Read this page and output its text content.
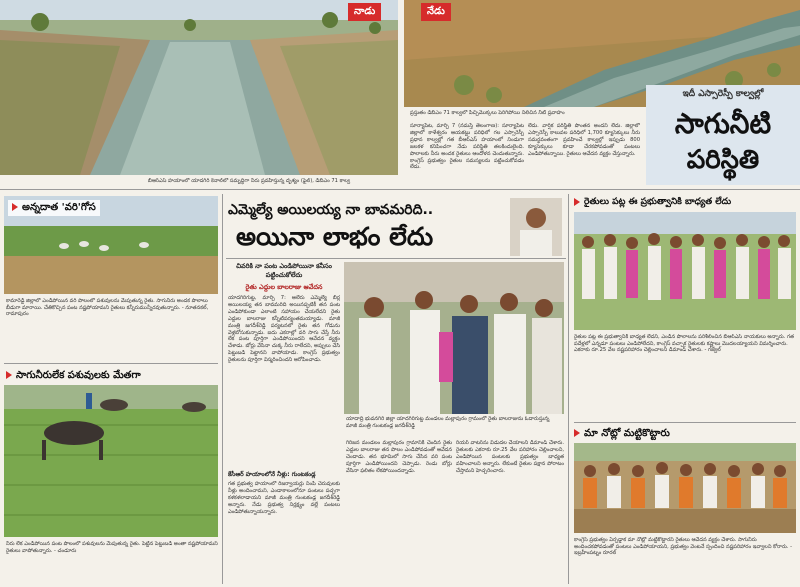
నాడు
బీఆర్ఎస్ హయాంలో యాదగిరి కెనాల్‌లో సమృద్ధిగా నీరు ప్రవహిస్తున్న దృశ్యం (ఫైల్), డీబీఎం 71 కాల్వ
నేడు
ప్రస్తుతం డీబీఎం 71 కాల్వలో పిచ్చిమొక్కలు పెరిగిపోయి నిలిచిన నీటి ప్రవాహం
సూర్యాపేట, మార్చి 7 (నమస్తే తెలంగాణ): సూర్యాపేట జిల్లాలో కాళేశ్వరం ఆయకట్టు పరిధిలో గల ఎస్సారెస్పీ ప్రధాన కాల్వల్లో గత బీఆర్ఎస్ హయాంలో నిండుగా జలకళ కనిపించగా నేడు పరిస్థితి తలకిందులైంది. పొలాలకు నీరు అందక రైతులు ఆందోళన చెందుతున్నారు. కాంగ్రెస్ ప్రభుత్వం రైతుల సమస్యలను పట్టించుకోవడం లేదు.
లేదు. వార్షిక పరిస్థితి పొంతన అందని లేదు. జిల్లాలో ఎస్సారెస్పీ కాలువల పరిధిలో 1,700 క్యూసెక్కులు నీరు సమర్థవంతంగా ప్రవహించే కాల్వల్లో ఇప్పుడు 800 క్యూసెక్కులు కూడా చేరకపోవడంతో పంటలు ఎండిపోతున్నాయి. రైతులు ఆవేదన వ్యక్తం చేస్తున్నారు.
ఇదీ ఎస్సారెస్పీ కాల్వల్లో
సాగునీటి
పరిస్థితి
అన్నదాత 'వరి'గోస
కామారెడ్డి జిల్లాలో ఎండిపోయిన వరి పొలంలో పశువులను మేపుతున్న రైతు. సాగునీరు అందక పొలాలు బీడుగా మారాయి. చేతికొచ్చిన పంట నష్టపోయామని రైతులు కన్నీరుమున్నీరవుతున్నారు. - నూతనకల్, రామాపురం
సాగునీరులేక పశువులకు మేతగా
నీరు లేక ఎండిపోయిన పంట పొలంలో పశువులను మేపుతున్న రైతు. పెట్టిన పెట్టుబడి అంతా నష్టపోయామని రైతులు వాపోతున్నారు. - చండూరు
ఎమ్మెల్యే అయిలయ్య నా బావమరిది..
అయినా లాభం లేదు
చివరికి నా పంట ఎండిపోయినా కనీసం పట్టించుకోలేదు
రైతు ఎద్దుల బాలరాజు ఆవేదన
యాదగిరిగుట్ట, మార్చి 7: ఆలేరు ఎమ్మెల్యే బీర్ల అయిలయ్య తన బావమరిది అయినప్పటికీ తన పంట ఎండిపోకుండా ఎలాంటి సహాయం చేయలేదని రైతు ఎద్దుల బాలరాజు కన్నీటిపర్యంతమయ్యాడు. మాజీ మంత్రి జగదీశ్‌రెడ్డి పర్యటనలో రైతు తన గోడును వెళ్లబోసుకున్నాడు. ఐదు ఎకరాల్లో వరి సాగు చేస్తే నీరు లేక పంట పూర్తిగా ఎండిపోయిందని ఆవేదన వ్యక్తం చేశాడు. బోర్లు వేసినా చుక్క నీరు రాలేదని, అప్పులు చేసి పెట్టుబడి పెట్టానని వాపోయాడు. కాంగ్రెస్ ప్రభుత్వం రైతులను పూర్తిగా విస్మరించిందని ఆరోపించాడు.
కేసీఆర్ హయాంలోనే నీళ్లు: గుంటకండ్ల
గత ప్రభుత్వ హయాంలో రిజర్వాయర్లు నింపి చెరువులకు నీళ్లు అందించామని, ఎండాకాలంలోనూ పంటలు పచ్చగా కళకళలాడాయని మాజీ మంత్రి గుంటకండ్ల జగదీశ్‌రెడ్డి అన్నారు. నేడు ప్రభుత్వ నిర్లక్ష్యం వల్లే పంటలు ఎండిపోతున్నాయన్నారు.
యాదాద్రి భువనగిరి జిల్లా యాదగిరిగుట్ట మండలం మల్లాపురం గ్రామంలో రైతు బాలరాజును ఓదారుస్తున్న మాజీ మంత్రి గుంటకండ్ల జగదీశ్‌రెడ్డి
గిరిజన మండలం మల్లాపురం గ్రామానికి చెందిన రైతు ఎద్దుల బాలరాజు తన పొలం ఎండిపోవడంతో ఆవేదన చెందాడు. తన భూమిలో సాగు చేసిన వరి పంట పూర్తిగా ఎండిపోయిందని చెప్పాడు. రెండు బోర్లు వేసినా ఫలితం లేకపోయిందన్నాడు.
రియర్ వాటర్‌ను విడుదల చేయాలని డిమాండ్ చేశారు. రైతులకు ఎకరాకు రూ.25 వేల పరిహారం చెల్లించాలని, ఎండిపోయిన పంటలకు ప్రభుత్వం బాధ్యత వహించాలని అన్నారు. లేకుంటే రైతుల పక్షాన పోరాటం చేస్తామని హెచ్చరించారు.
రైతులు పట్ల ఈ ప్రభుత్వానికి బాధ్యత లేదు
రైతుల పట్ల ఈ ప్రభుత్వానికి బాధ్యత లేదని, ఎండిన పొలాలను పరిశీలించిన బీఆర్ఎస్ నాయకులు అన్నారు. గత పదేళ్లలో ఎన్నడూ పంటలు ఎండిపోలేదని, కాంగ్రెస్ వచ్చాక రైతులకు కష్టాలు మొదలయ్యాయని విమర్శించారు. ఎకరాకు రూ.25 వేల నష్టపరిహారం చెల్లించాలని డిమాండ్ చేశారు. - గజ్వేల్
మా నోట్లో మట్టికొట్టారు
కాంగ్రెస్ ప్రభుత్వం ఏర్పడ్డాక మా నోట్లో మట్టికొట్టారని రైతులు ఆవేదన వ్యక్తం చేశారు. సాగునీరు అందించకపోవడంతో పంటలు ఎండిపోయాయని, ప్రభుత్వం వెంటనే స్పందించి నష్టపరిహారం ఇవ్వాలని కోరారు. - ఇబ్రహీంపట్నం రూరల్
